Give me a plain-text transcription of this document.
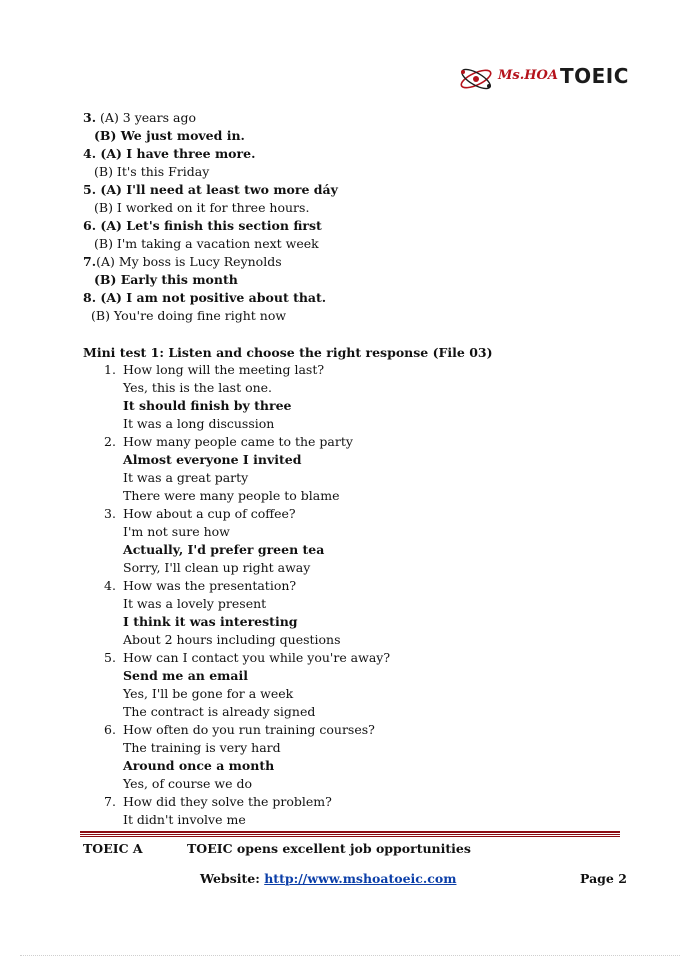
Ms.HOA TOEIC
3. (A) 3 years ago
(B) We just moved in.
4. (A) I have three more.
(B) It's this Friday
5. (A) I'll need at least two more dáy
(B) I worked on it for three hours.
6. (A) Let's finish this section first
(B) I'm taking a vacation next week
7.(A) My boss is Lucy Reynolds
(B) Early this month
8. (A) I am not positive about that.
(B) You're doing fine right now
Mini test 1: Listen and choose the right response (File 03)
1. How long will the meeting last?
Yes, this is the last one.
It should finish by three
It was a long discussion
2. How many people came to the party
Almost everyone I invited
It was a great party
There were many people to blame
3. How about a cup of coffee?
I'm not sure how
Actually, I'd prefer green tea
Sorry, I'll clean up right away
4. How was the presentation?
It was a lovely present
I think it was interesting
About 2 hours including questions
5. How can I contact you while you're away?
Send me an email
Yes, I'll be gone for a week
The contract is already signed
6. How often do you run training courses?
The training is very hard
Around once a month
Yes, of course we do
7. How did they solve the problem?
It didn't involve me
TOEIC A	TOEIC opens excellent job opportunities
Website: http://www.mshoatoeic.com	Page 2
